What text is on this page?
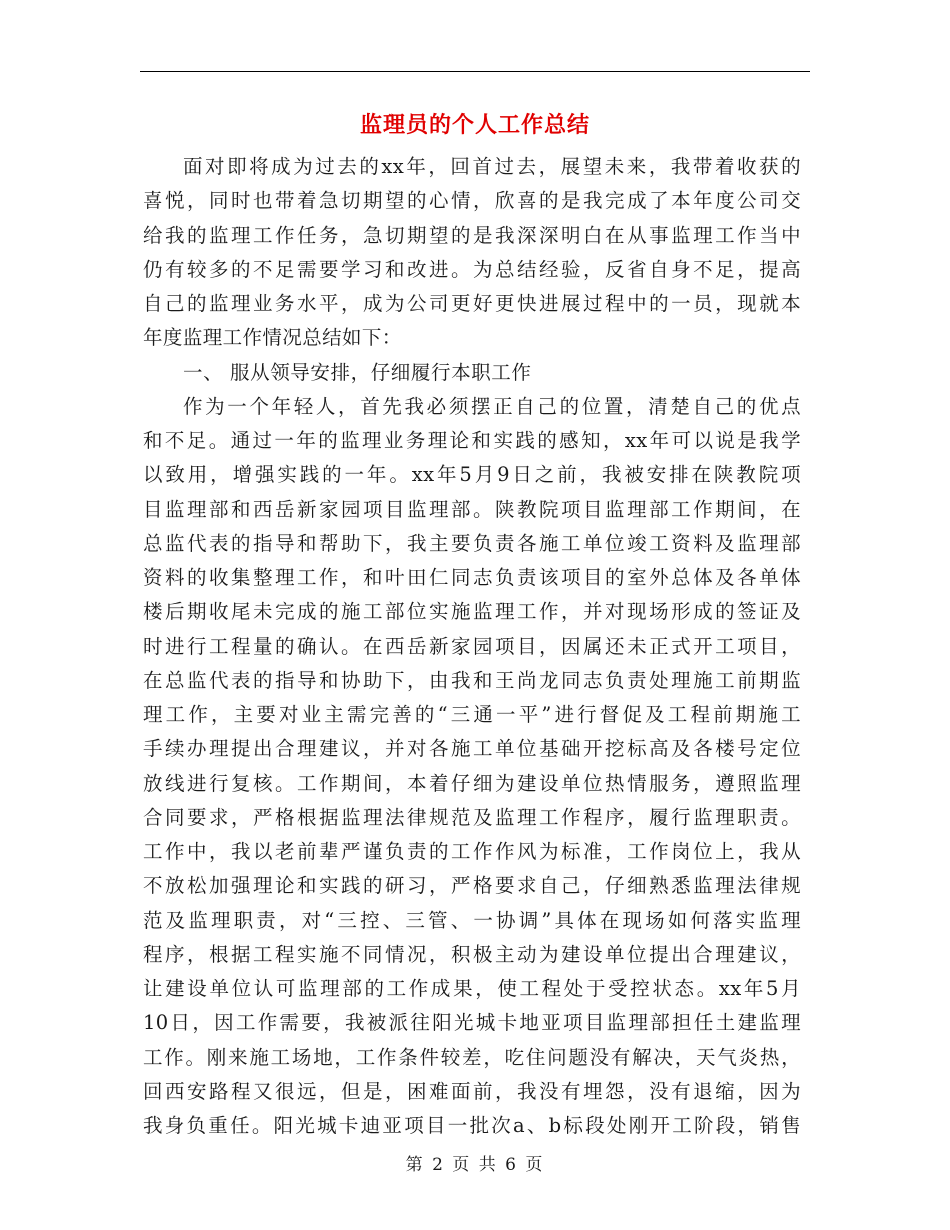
监理员的个人工作总结
面对即将成为过去的xx年，回首过去，展望未来，我带着收获的
喜悦，同时也带着急切期望的心情，欣喜的是我完成了本年度公司交
给我的监理工作任务，急切期望的是我深深明白在从事监理工作当中
仍有较多的不足需要学习和改进。为总结经验，反省自身不足，提高
自己的监理业务水平，成为公司更好更快进展过程中的一员，现就本
年度监理工作情况总结如下：
一、 服从领导安排，仔细履行本职工作
作为一个年轻人，首先我必须摆正自己的位置，清楚自己的优点
和不足。通过一年的监理业务理论和实践的感知，xx年可以说是我学
以致用，增强实践的一年。xx年5月9日之前，我被安排在陕教院项
目监理部和西岳新家园项目监理部。陕教院项目监理部工作期间，在
总监代表的指导和帮助下，我主要负责各施工单位竣工资料及监理部
资料的收集整理工作，和叶田仁同志负责该项目的室外总体及各单体
楼后期收尾未完成的施工部位实施监理工作，并对现场形成的签证及
时进行工程量的确认。在西岳新家园项目，因属还未正式开工项目，
在总监代表的指导和协助下，由我和王尚龙同志负责处理施工前期监
理工作，主要对业主需完善的“三通一平”进行督促及工程前期施工
手续办理提出合理建议，并对各施工单位基础开挖标高及各楼号定位
放线进行复核。工作期间，本着仔细为建设单位热情服务，遵照监理
合同要求，严格根据监理法律规范及监理工作程序，履行监理职责。
工作中，我以老前辈严谨负责的工作作风为标准，工作岗位上，我从
不放松加强理论和实践的研习，严格要求自己，仔细熟悉监理法律规
范及监理职责，对“三控、三管、一协调”具体在现场如何落实监理
程序，根据工程实施不同情况，积极主动为建设单位提出合理建议，
让建设单位认可监理部的工作成果，使工程处于受控状态。xx年5月
10日，因工作需要，我被派往阳光城卡地亚项目监理部担任土建监理
工作。刚来施工场地，工作条件较差，吃住问题没有解决，天气炎热，
回西安路程又很远，但是，困难面前，我没有埋怨，没有退缩，因为
我身负重任。阳光城卡迪亚项目一批次a、b标段处刚开工阶段，销售
第 2 页 共 6 页
